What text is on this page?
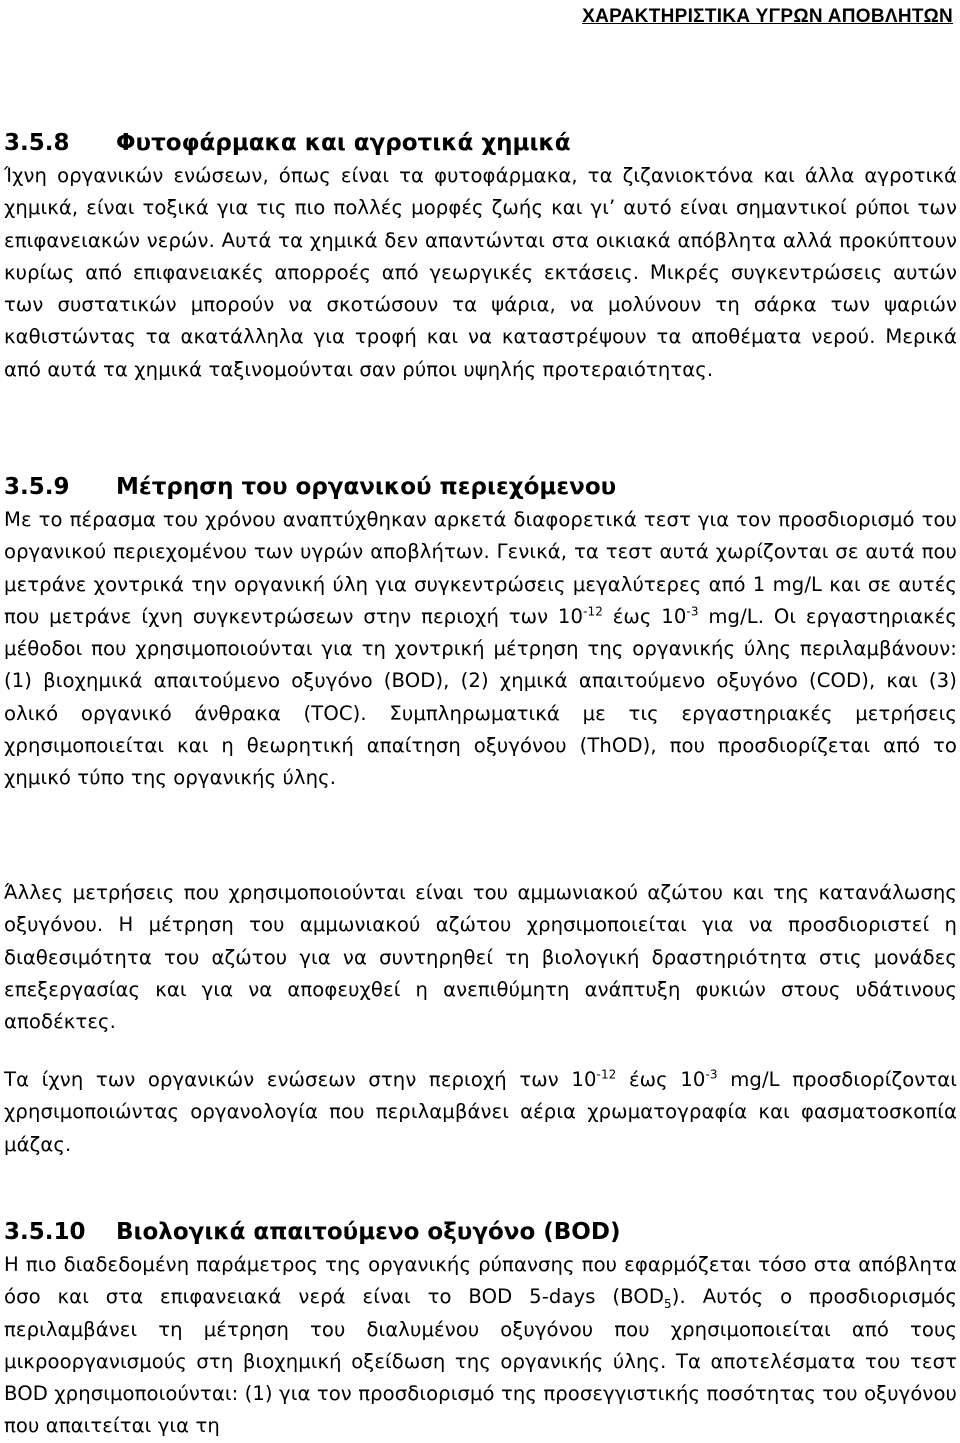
ΧΑΡΑΚΤΗΡΙΣΤΙΚΑ ΥΓΡΩΝ ΑΠΟΒΛΗΤΩΝ
3.5.8 Φυτοφάρμακα και αγροτικά χημικά

Ίχνη οργανικών ενώσεων, όπως είναι τα φυτοφάρμακα, τα ζιζανιοκτόνα και άλλα αγροτικά χημικά, είναι τοξικά για τις πιο πολλές μορφές ζωής και γι’ αυτό είναι σημαντικοί ρύποι των επιφανειακών νερών. Αυτά τα χημικά δεν απαντώνται στα οικιακά απόβλητα αλλά προκύπτουν κυρίως από επιφανειακές απορροές από γεωργικές εκτάσεις. Μικρές συγκεντρώσεις αυτών των συστατικών μπορούν να σκοτώσουν τα ψάρια, να μολύνουν τη σάρκα των ψαριών καθιστώντας τα ακατάλληλα για τροφή και να καταστρέψουν τα αποθέματα νερού. Μερικά από αυτά τα χημικά ταξινομούνται σαν ρύποι υψηλής προτεραιότητας.

3.5.9 Μέτρηση του οργανικού περιεχόμενου

Με το πέρασμα του χρόνου αναπτύχθηκαν αρκετά διαφορετικά τεστ για τον προσδιορισμό του οργανικού περιεχομένου των υγρών αποβλήτων. Γενικά, τα τεστ αυτά χωρίζονται σε αυτά που μετράνε χοντρικά την οργανική ύλη για συγκεντρώσεις μεγαλύτερες από 1 mg/L και σε αυτές που μετράνε ίχνη συγκεντρώσεων στην περιοχή των $10^{-12}$ έως $10^{-3}$ mg/L. Οι εργαστηριακές μέθοδοι που χρησιμοποιούνται για τη χοντρική μέτρηση της οργανικής ύλης περιλαμβάνουν: (1) βιοχημικά απαιτούμενο οξυγόνο (BOD), (2) χημικά απαιτούμενο οξυγόνο (COD), και (3) ολικό οργανικό άνθρακα (TOC). Συμπληρωματικά με τις εργαστηριακές μετρήσεις χρησιμοποιείται και η θεωρητική απαίτηση οξυγόνου (ThOD), που προσδιορίζεται από το χημικό τύπο της οργανικής ύλης.

Άλλες μετρήσεις που χρησιμοποιούνται είναι του αμμωνιακού αζώτου και της κατανάλωσης οξυγόνου. Η μέτρηση του αμμωνιακού αζώτου χρησιμοποιείται για να προσδιοριστεί η διαθεσιμότητα του αζώτου για να συντηρηθεί τη βιολογική δραστηριότητα στις μονάδες επεξεργασίας και για να αποφευχθεί η ανεπιθύμητη ανάπτυξη φυκιών στους υδάτινους αποδέκτες.

Τα ίχνη των οργανικών ενώσεων στην περιοχή των $10^{-12}$ έως $10^{-3}$ mg/L προσδιορίζονται χρησιμοποιώντας οργανολογία που περιλαμβάνει αέρια χρωματογραφία και φασματοσκοπία μάζας.

3.5.10 Βιολογικά απαιτούμενο οξυγόνο (BOD)

Η πιο διαδεδομένη παράμετρος της οργανικής ρύπανσης που εφαρμόζεται τόσο στα απόβλητα όσο και στα επιφανειακά νερά είναι το BOD 5-days $(BOD_5)$. Αυτός ο προσδιορισμός περιλαμβάνει τη μέτρηση του διαλυμένου οξυγόνου που χρησιμοποιείται από τους μικροοργανισμούς στη βιοχημική οξείδωση της οργανικής ύλης. Τα αποτελέσματα του τεστ BOD χρησιμοποιούνται: (1) για τον προσδιορισμό της προσεγγιστικής ποσότητας του οξυγόνου που απαιτείται για τη
